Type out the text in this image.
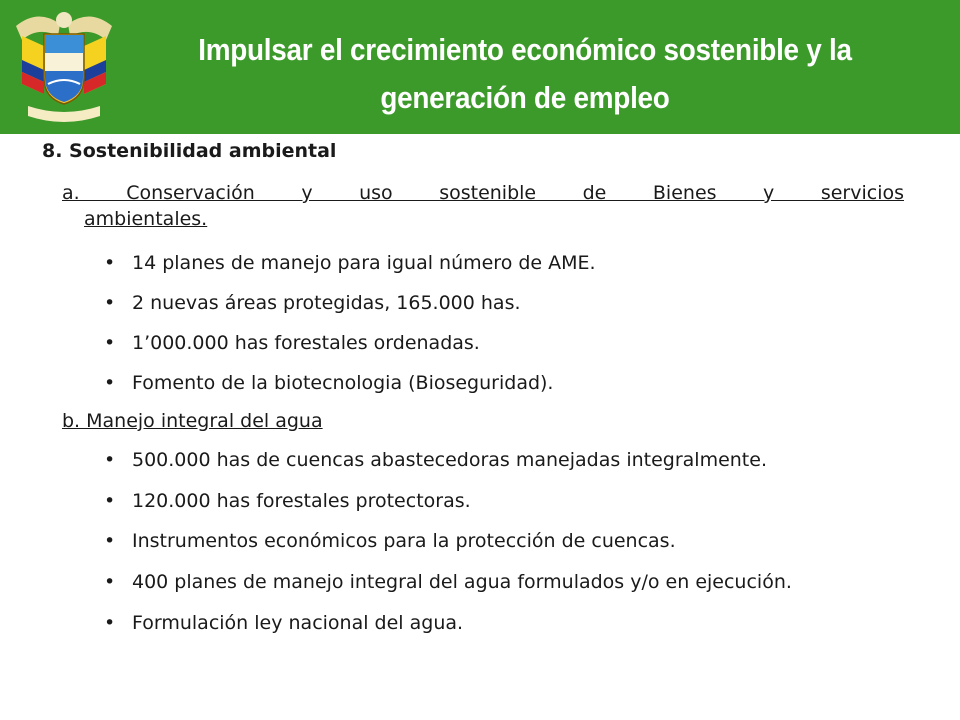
Impulsar el crecimiento económico sostenible y la
generación de empleo
8. Sostenibilidad ambiental
a. Conservación y uso sostenible de Bienes y servicios
ambientales.
• 14 planes de manejo para igual número de AME.
• 2 nuevas áreas protegidas, 165.000 has.
• 1’000.000 has forestales ordenadas.
• Fomento de la biotecnologia (Bioseguridad).
b. Manejo integral del agua
• 500.000 has de cuencas abastecedoras manejadas integralmente.
• 120.000 has forestales protectoras.
• Instrumentos económicos para la protección de cuencas.
• 400 planes de manejo integral del agua formulados y/o en ejecución.
• Formulación ley nacional del agua.
